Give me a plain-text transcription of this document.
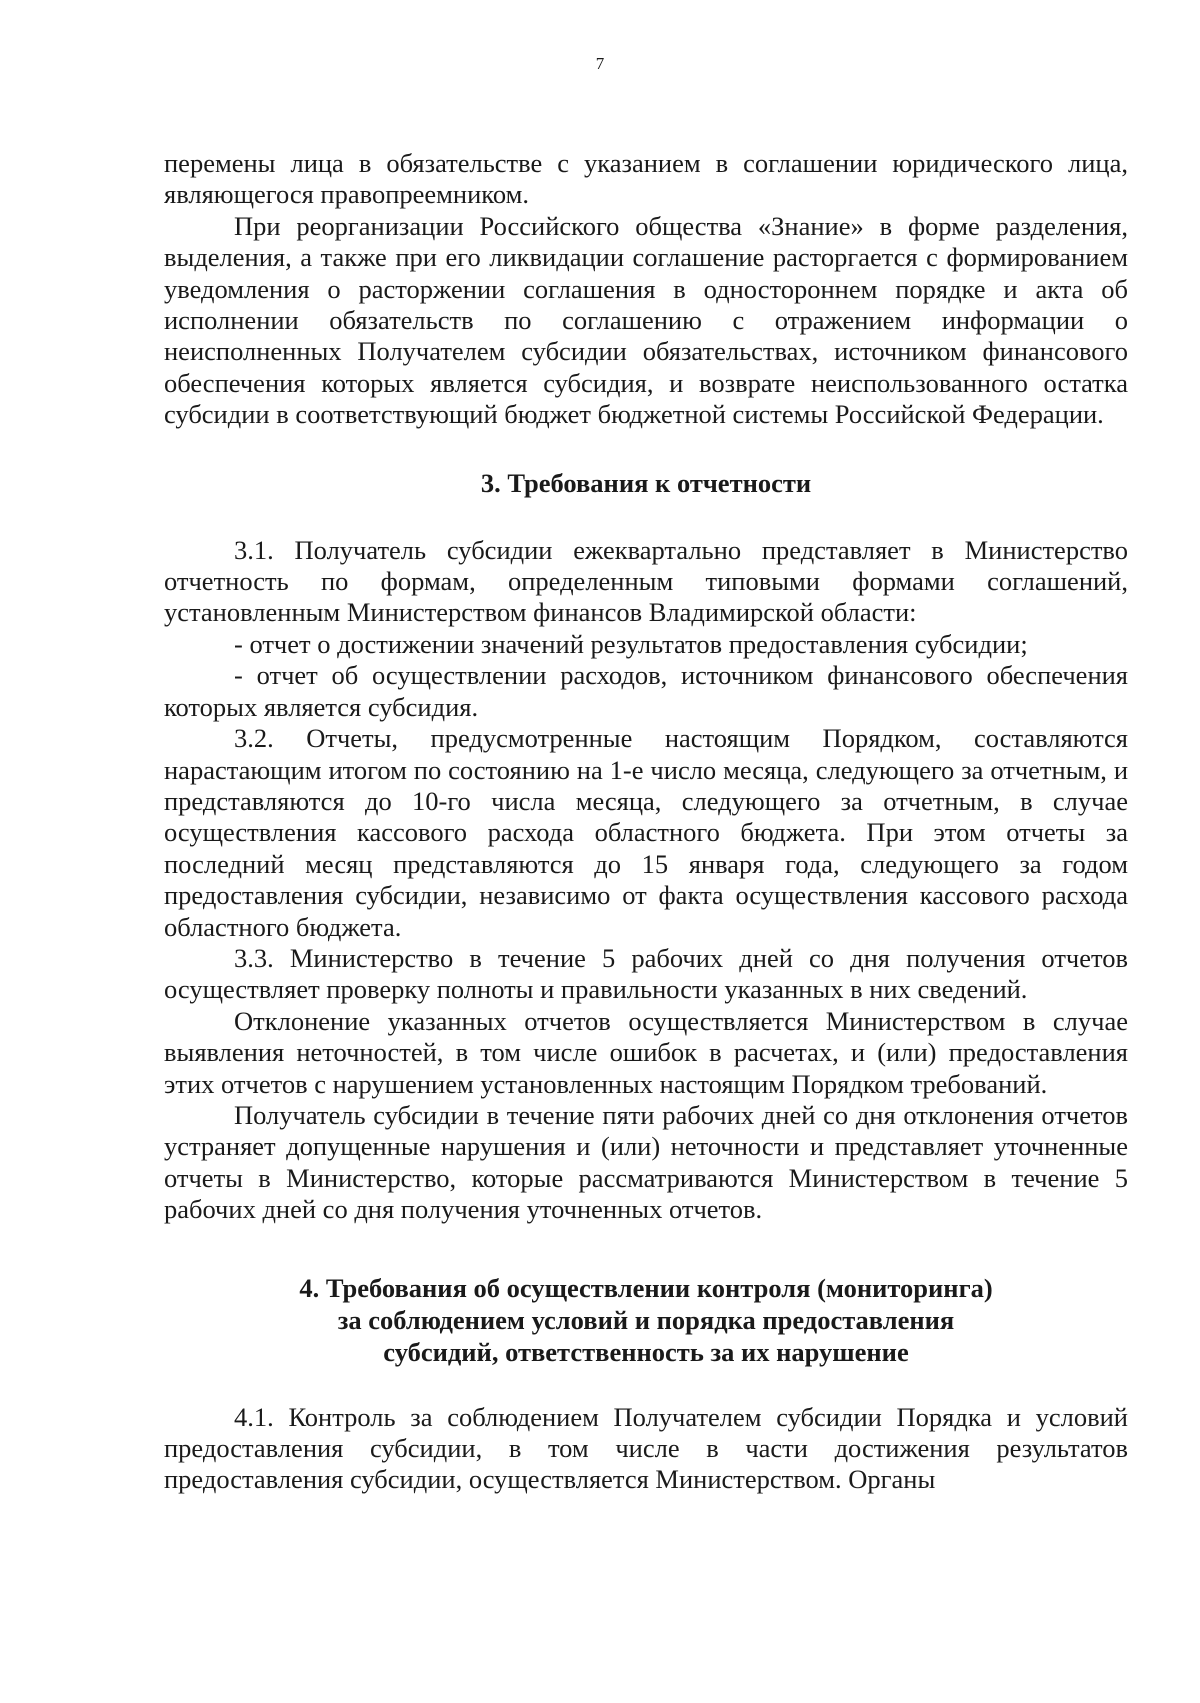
7

перемены лица в обязательстве с указанием в соглашении юридического лица, являющегося правопреемником.

При реорганизации Российского общества «Знание» в форме разделения, выделения, а также при его ликвидации соглашение расторгается с формированием уведомления о расторжении соглашения в одностороннем порядке и акта об исполнении обязательств по соглашению с отражением информации о неисполненных Получателем субсидии обязательствах, источником финансового обеспечения которых является субсидия, и возврате неиспользованного остатка субсидии в соответствующий бюджет бюджетной системы Российской Федерации.

3. Требования к отчетности

3.1. Получатель субсидии ежеквартально представляет в Министерство отчетность по формам, определенным типовыми формами соглашений, установленным Министерством финансов Владимирской области:

- отчет о достижении значений результатов предоставления субсидии;

- отчет об осуществлении расходов, источником финансового обеспечения которых является субсидия.

3.2. Отчеты, предусмотренные настоящим Порядком, составляются нарастающим итогом по состоянию на 1-е число месяца, следующего за отчетным, и представляются до 10-го числа месяца, следующего за отчетным, в случае осуществления кассового расхода областного бюджета. При этом отчеты за последний месяц представляются до 15 января года, следующего за годом предоставления субсидии, независимо от факта осуществления кассового расхода областного бюджета.

3.3. Министерство в течение 5 рабочих дней со дня получения отчетов осуществляет проверку полноты и правильности указанных в них сведений.

Отклонение указанных отчетов осуществляется Министерством в случае выявления неточностей, в том числе ошибок в расчетах, и (или) предоставления этих отчетов с нарушением установленных настоящим Порядком требований.

Получатель субсидии в течение пяти рабочих дней со дня отклонения отчетов устраняет допущенные нарушения и (или) неточности и представляет уточненные отчеты в Министерство, которые рассматриваются Министерством в течение 5 рабочих дней со дня получения уточненных отчетов.

4. Требования об осуществлении контроля (мониторинга)
за соблюдением условий и порядка предоставления
субсидий, ответственность за их нарушение

4.1. Контроль за соблюдением Получателем субсидии Порядка и условий предоставления субсидии, в том числе в части достижения результатов предоставления субсидии, осуществляется Министерством. Органы
